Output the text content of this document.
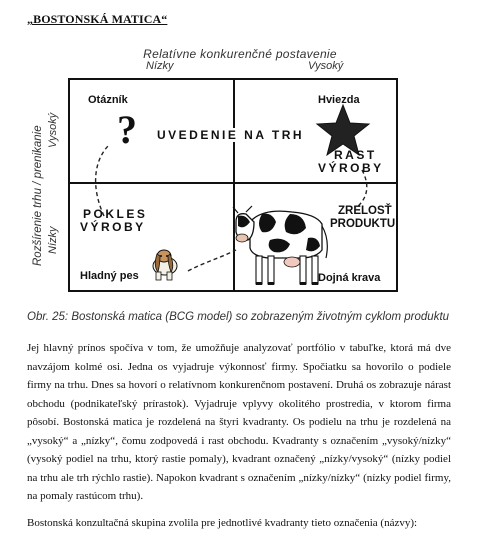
„BOSTONSKÁ MATICA“
Relatívne konkurenčné postavenie
Nízky	Vysoký
Rozšírenie trhu / prenikanie Vysoký
Nízky
?
Otázník	Hviezda
Hladný pes	Dojná krava
UVEDENIE NA TRH
RAST
VÝROBY
POKLES
VÝROBY
ZRELOSŤ
PRODUKTU
Obr. 25: Bostonská matica (BCG model) so zobrazeným životným cyklom produktu

Jej hlavný prínos spočíva v tom, že umožňuje analyzovať portfólio v tabuľke, ktorá má dve navzájom kolmé osi. Jedna os vyjadruje výkonnosť firmy. Spočiatku sa hovorilo o podiele firmy na trhu. Dnes sa hovorí o relatívnom konkurenčnom postavení. Druhá os zobrazuje nárast obchodu (podnikateľský prírastok). Vyjadruje vplyvy okolitého prostredia, v ktorom firma pôsobí. Bostonská matica je rozdelená na štyri kvadranty. Os podielu na trhu je rozdelená na „vysoký“ a „nízky“, čomu zodpovedá i rast obchodu. Kvadranty s označením „vysoký/nízky“ (vysoký podiel na trhu, ktorý rastie pomaly), kvadrant označený „nízky/vysoký“ (nízky podiel na trhu ale trh rýchlo rastie). Napokon kvadrant s označením „nízky/nízky“ (nízky podiel firmy, na pomaly rastúcom trhu).

Bostonská konzultačná skupina zvolila pre jednotlivé kvadranty tieto označenia (názvy):
